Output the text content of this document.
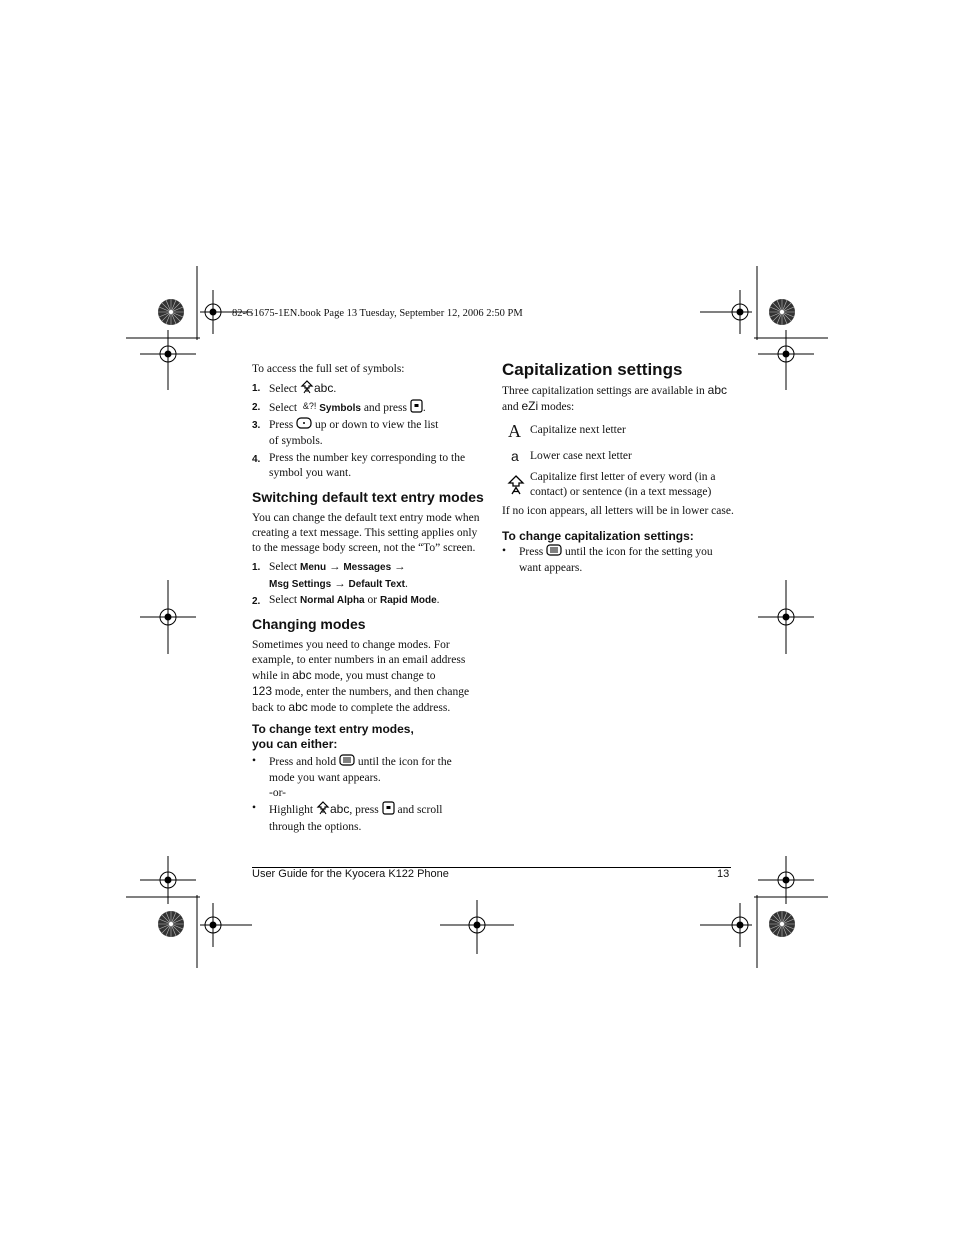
82-G1675-1EN.book Page 13 Tuesday, September 12, 2006 2:50 PM
To access the full set of symbols:
1. Select abc.
2. Select &?! Symbols and press .
3. Press up or down to view the list
of symbols.
4. Press the number key corresponding to the
symbol you want.
Switching default text entry modes
You can change the default text entry mode when
creating a text message. This setting applies only
to the message body screen, not the “To” screen.
1. Select Menu → Messages →
Msg Settings → Default Text.
2. Select Normal Alpha or Rapid Mode.
Changing modes
Sometimes you need to change modes. For
example, to enter numbers in an email address
while in abc mode, you must change to
123 mode, enter the numbers, and then change
back to abc mode to complete the address.
To change text entry modes,
you can either:
•	Press and hold until the icon for the
mode you want appears.
-or-
•	Highlight abc, press and scroll
through the options.
Capitalization settings
Three capitalization settings are available in abc
and eZi modes:
A Capitalize next letter
a Lower case next letter
Capitalize first letter of every word (in a
contact) or sentence (in a text message)
If no icon appears, all letters will be in lower case.
To change capitalization settings:
•	Press until the icon for the setting you
want appears.
User Guide for the Kyocera K122 Phone	13
